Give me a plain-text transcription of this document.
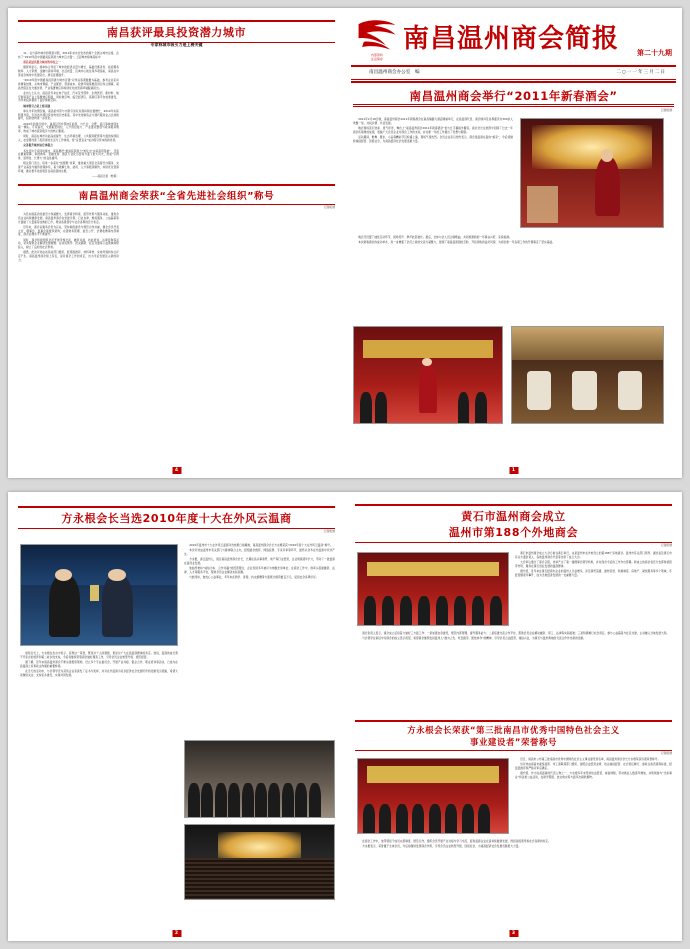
南昌获评最具投资潜力城市
专家称城市吸引力是上榜关键

11、在与海外城市的明显对照，2010年来水会发布的两个全国主城市总榜、企布了“2010年度中国最具投资潜力城市百大强”。云起城市榜单高标中

南昌是最具潜力城市的单位之一

据资料显示，榜单综合考虑了城市的经济总量与增长、基础设施条件、政府服务效率、人力资源、金融与商务环境、生活质量、区域中心地位等多项指标，南昌在中部省会城市中表现突出，排名显著提升。

“2010年度中国最具投资潜力城市百强”评选以客观数据为基础，参考企业家问卷调查结果，从城市规模、产业配套、营商成本、政策环境等维度进行综合测算，南昌凭借区位交通优势、产业集群效应和持续优化的营商环境脱颖而出。

业内人士认为，南昌近年来在电子信息、汽车及零部件、生物医药、新材料、航空制造等产业上集聚效应明显，同时航空城、临空经济区、高新区等平台加速建设，为外来投资提供了良好承载空间。

城市吸引力是上榜关键

单从今年的情况看，南昌的外资与内资引进双双保持两位数增长，2010年实际利用外资、引进省外项目资金均创历史新高，其中先进制造业与现代服务业占比持续提升，投资结构进一步优化。

2010年的排行榜中，南昌位列中部地区前列，与长沙、合肥、武汉等城市同处第一梯队。专家指出，交通枢纽地位、人才供给能力、产业链完整度与政务服务效率，构成了城市投资吸引力的核心要素。

同时，南昌在城市功能品质提升、生态环境治理、公共服务配套等方面的持续投入，也显著改善了投资者的生活与工作体验，使“宜居宜业”成为吸引资本的新优势。

完善提升城市综合承载力

多位受访专家同时提出，南昌要把“最具投资潜力”转化为“实际投资落地”，还需在要素保障、审批效率、金融支持、园区专业化运营等方面下更大功夫，形成“引得进、留得住、长得大”的良性循环。

相关部门表示，将进一步深化“放管服”改革，推进重大项目全流程代办服务，完善产业基金与融资担保体系，着力破解土地、能耗、人才等瓶颈制约，持续优化营商环境，推动更多优质项目在南昌落地生根。

——南昌日报（转载）

南昌温州商会荣获“全省先进社会组织”称号
记者报道

为充实提高会的建设力和凝聚力，发挥商会桥梁、纽带作用与服务功能，推进会员企业持续健康发展，南昌温州商会在党建引领、行业自律、维权服务、公益慈善等方面做了大量富有成效的工作，得到各级领导与社会各界的充分肯定。

近年来，商会以服务会员为宗旨，坚持制度建设与规范运作并重，健全会员代表大会、理事会、监事会等组织架构，完善财务管理、信息公开、会费收缴等内部制度，商会治理水平不断提升。

同时，商会积极组织会员开展考察交流、融资对接、技能培训、法律咨询等活动，切实帮助企业解决发展难题；在扶贫助学、抗灾捐助、社区共建等公益领域持续投入，树立了良好的社会形象。

据悉，此次评选由省民政部门组织，经逐级推荐、材料审核、实地考察和综合评定产生。南昌温州商会榜上有名，是对商会工作的肯定，也为今后发展注入新的动力。

4
内部资料
注意保存
南昌温州商会简报	第二十九期
南昌温州商会办公室　编	二○一一年三月二日
南昌温州商会举行“2011年新春酒会”
记者报道

2011年2月18日晚，南昌温州商会2011年新春酒会在南昌瑞颐大酒店隆重举行，在昌温商代表、商会顾问及各界嘉宾共300余人欢聚一堂，共叙乡情、共话发展。

晚会现场张灯结彩、喜气洋洋，舞台上“南昌温州商会2011年新春酒会”的大红字幕格外醒目。商会会长在致辞中回顾了过去一年商会所取得的成绩，感谢广大会员企业对商会工作的支持，并对新一年的工作提出了设想与期望。

活动期间，歌舞、器乐、小品等精彩节目轮番上演，现场气氛热烈。会员企业家们纷纷表示，商会是温商在昌的“娘家”，今后将继续诚信经营、回报社会，为南昌经济社会发展贡献力量。

晚会还设置了抽奖互动环节，现场笑声、掌声此起彼伏。最后，全体与会人员合唱歌曲，共同祝愿新的一年事业兴旺、家庭美满。

本次新春酒会的成功举办，进一步增强了会员之间的交流与凝聚力，展现了南昌温商团结互助、开拓进取的良好风貌，为商会新一年各项工作的开展奠定了坚实基础。

1
方永根会长当选2010年度十大在外风云温商
记者报道

2010年温州市十大在外风云温商评选结果日前揭晓，南昌温州商会会长方永根荣获“2010年度十大在外风云温商”称号。

本次评选由温州市有关部门与媒体联合主办，经组委会推荐、网络投票、专家评审等环节，最终从众多在外温商中评选产生。

方永根，浙江温州人，现任南昌温州商会会长，长期在昌从事商贸、地产等行业经营，企业规模逐年扩大，带动了一批温商在昌创业发展。

他始终秉持“诚信为本、合作共赢”的经营理念，企业连续多年被评为纳税先进单位；在商会工作中，他牵头搭建融资、法律、人才等服务平台，帮助会员企业解决实际困难。

与此同时，他热心公益事业，多年来在助学、济困、抗灾捐赠等方面累计捐资数百万元，受到社会各界好评。

颁奖仪式上，方永根在发言中表示，获得这一荣誉，既是对个人的激励，更是对广大在昌温商群体的肯定。他说，温商的成长离不开家乡的培育和第二故乡的支持，今后将继续带领商会做好服务工作，引导会员企业转型升级、规范经营。

据了解，近年来南昌温州商会不断完善组织架构，设立多个专业委员会，开展产业对接、银企合作、职业培训等活动，已成为在昌温商之家和政企沟通的重要桥梁。

在当天的活动中，与会领导还为获奖企业家颁发了证书与奖杯，并对在外温商为家乡经济社会发展所作的贡献表示感谢，希望大家继续关注、支持家乡建设，实现共同发展。

2
黄石市温州商会成立
温州市第188个外地商会
记者报道

黄石市温州商会成立大会日前在黄石举行，这是温州市在外地设立的第188个异地商会。温州市有关部门领导、湖北省及黄石市有关方面负责人、各地温州商会代表等出席了成立大会。

大会审议通过了商会章程，选举产生了第一届理事会领导机构，并对商会今后的工作作出部署。新成立的商会将充分发挥桥梁纽带作用，服务在黄石创业发展的温商群体。

据介绍，近年来在黄石经商办企业的温州人日益增多，涉及商贸流通、建材家居、机械制造、房地产、餐饮服务等多个领域，年经营额逐年攀升，成为当地经济发展的一支重要力量。

商会负责人表示，商会成立后将着力做好三方面工作：一是加强自身建设，规范内部管理，提升服务能力；二是搭建交流合作平台，帮助会员企业解决融资、用工、法律等实际困难；三是积极履行社会责任，参与公益慈善与社区共建，主动融入当地发展大局。

与会领导在讲话中对商会的成立表示祝贺，希望商会继续发扬温州人“敢为人先、吃苦耐劳、团结协作”的精神，引导会员合法经营、诚信兴业，为黄石与温州两地的交流合作作出新的贡献。

方永根会长荣获“第三批南昌市优秀中国特色社会主义
事业建设者”荣誉称号
记者报道

近日，南昌市公布第三批南昌市优秀中国特色社会主义事业建设者名单，南昌温州商会会长方永根荣获该项荣誉称号。

该评选由南昌市委统战部、市工商联等部门组织，按照企业经营业绩、依法诚信经营、社会责任履行、参政议政表现等标准，经层层推荐和严格评审后确定。

据介绍，作为在昌温商的代表人物之一，方永根多年来坚持依法经营、诚信纳税，带动就业人数逐年增加，并积极参与“光彩事业”和各类公益活动，在助学帮困、抗灾救灾等方面多次捐款捐物。

在商会工作中，他带领班子成员完善制度、规范运作，组织会员开展产业对接与学习交流，促进温商企业在昌持续健康发展，得到各级领导和社会各界的肯定。

方永根表示，荣誉属于全体会员，今后将继续发挥商会作用，引导会员企业转型升级、回报社会，为南昌经济社会发展贡献更大力量。

3
